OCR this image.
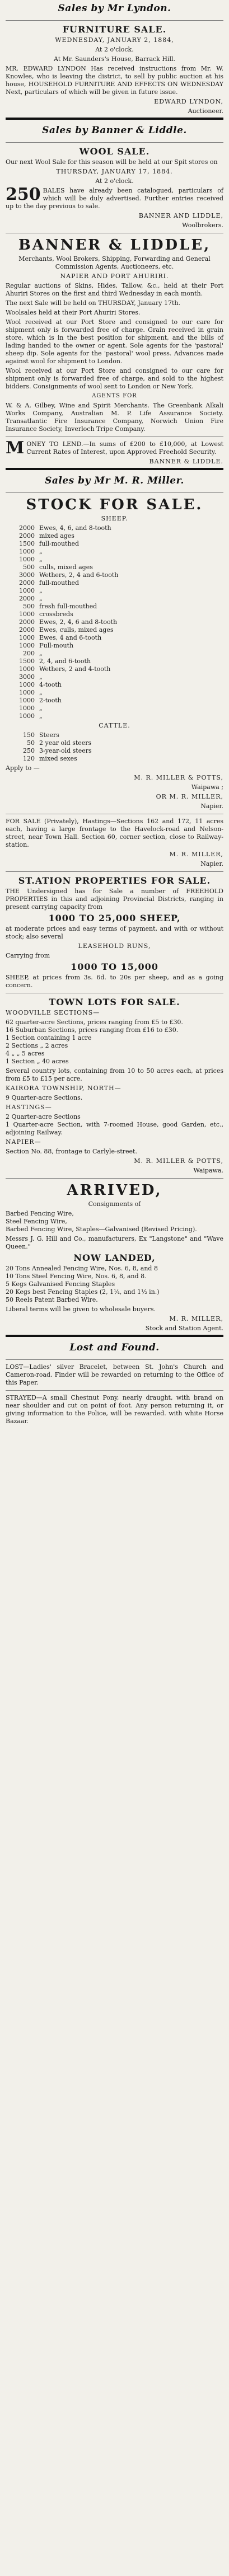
Sales by Mr Lyndon.
FURNITURE SALE.
WEDNESDAY, JANUARY 2, 1884,
At 2 o'clock.
At Mr. Saunders's House, Barrack Hill.
MR. EDWARD LYNDON Has received instructions from Mr. W. Knowles, who is leaving the district, to sell by public auction at his house, HOUSEHOLD FURNITURE AND EFFECTS ON WEDNESDAY Next, particulars of which will be given in future issue.
EDWARD LYNDON,
Auctioneer.
Sales by Banner & Liddle.
WOOL SALE.
Our next Wool Sale for this season will be held at our Spit stores on
THURSDAY, JANUARY 17, 1884.
At 2 o'clock.
250 BALES have already been catalogued, particulars of which will be duly advertised. Further entries received up to the day previous to sale.
BANNER AND LIDDLE,
Woolbrokers.
BANNER & LIDDLE,
Merchants, Wool Brokers, Shipping, Forwarding and General Commission Agents, Auctioneers, etc.
NAPIER AND PORT AHURIRI.
Regular auctions of Skins, Hides, Tallow, &c., held at their Port Ahuriri Stores on the first and third Wednesday in each month.
The next Sale will be held on THURSDAY, January 17th.
Woolsales held at their Port Ahuriri Stores.
Wool received at our Port Store and consigned to our care for shipment only is forwarded free of charge. Grain received in grain store, which is in the best position for shipment, and the bills of lading handed to the owner or agent. Sole agents for the 'pastoral' sheep dip. Sole agents for the 'pastoral' wool press. Advances made against wool for shipment to London.
Wool received at our Port Store and consigned to our care for shipment only is forwarded free of charge, and sold to the highest bidders. Consignments of wool sent to London or New York.
AGENTS FOR
W. & A. Gilbey, Wine and Spirit Merchants. The Greenbank Alkali Works Company, Australian M. P. Life Assurance Society. Transatlantic Fire Insurance Company, Norwich Union Fire Insurance Society, Inverloch Tripe Company.
M ONEY TO LEND.—In sums of £200 to £10,000, at Lowest Current Rates of Interest, upon Approved Freehold Security.
BANNER & LIDDLE.
Sales by Mr M. R. Miller.
STOCK FOR SALE.
SHEEP.
2000 Ewes, 4, 6, and 8-tooth
2000 mixed ages
1500 full-mouthed
1000 „
1000 „
500 culls, mixed ages
3000 Wethers, 2, 4 and 6-tooth
2000 full-mouthed
1000 „
2000 „
500 fresh full-mouthed
1000 crossbreds
2000 Ewes, 2, 4, 6 and 8-tooth
2000 Ewes, culls, mixed ages
1000 Ewes, 4 and 6-tooth
1000 Full-mouth
200 „
1500 2, 4, and 6-tooth
1000 Wethers, 2 and 4-tooth
3000 „
1000 4-tooth
1000 „
1000 2-tooth
1000 „
1000 „
CATTLE.
150 Steers
50 2 year old steers
250 3-year-old steers
120 mixed sexes
Apply to —
M. R. MILLER & POTTS,
Waipawa ;
OR M. R. MILLER,
Napier.
FOR SALE (Privately), Hastings—Sections 162 and 172, 11 acres each, having a large frontage to the Havelock-road and Nelson-street, near Town Hall. Section 60, corner section, close to Railway-station.
M. R. MILLER,
Napier.
ST.ATION PROPERTIES FOR SALE.
THE Undersigned has for Sale a number of FREEHOLD PROPERTIES in this and adjoining Provincial Districts, ranging in present carrying capacity from
1000 TO 25,000 SHEEP,
at moderate prices and easy terms of payment, and with or without stock; also several
LEASEHOLD RUNS,
Carrying from
1000 TO 15,000
SHEEP, at prices from 3s. 6d. to 20s per sheep, and as a going concern.
TOWN LOTS FOR SALE.
WOODVILLE SECTIONS—
62 quarter-acre Sections, prices ranging from £5 to £30.
16 Suburban Sections, prices ranging from £16 to £30.
1 Section containing 1 acre
2 Sections „ 2 acres
4 „ „ 5 acres
1 Section „ 40 acres
Several country lots, containing from 10 to 50 acres each, at prices from £5 to £15 per acre.
KAIRORA TOWNSHIP, NORTH—
9 Quarter-acre Sections.
HASTINGS—
2 Quarter-acre Sections
1 Quarter-acre Section, with 7-roomed House, good Garden, etc., adjoining Railway.
NAPIER—
Section No. 88, frontage to Carlyle-street.
M. R. MILLER & POTTS,
Waipawa.
ARRIVED,
Consignments of
Barbed Fencing Wire,
Steel Fencing Wire,
Barbed Fencing Wire, Staples—Galvanised (Revised Pricing).
Messrs J. G. Hill and Co., manufacturers, Ex "Langstone" and "Wave Queen."
NOW LANDED,
20 Tons Annealed Fencing Wire, Nos. 6, 8, and 8
10 Tons Steel Fencing Wire, Nos. 6, 8, and 8.
5 Kegs Galvanised Fencing Staples
20 Kegs best Fencing Staples (2, 1¼, and 1½ in.)
50 Reels Patent Barbed Wire.
Liberal terms will be given to wholesale buyers.
M. R. MILLER,
Stock and Station Agent.
Lost and Found.
LOST—Ladies' silver Bracelet, between St. John's Church and Cameron-road. Finder will be rewarded on returning to the Office of this Paper.
STRAYED—A small Chestnut Pony, nearly draught, with brand on near shoulder and cut on point of foot. Any person returning it, or giving information to the Police, will be rewarded. with white Horse Bazaar.
